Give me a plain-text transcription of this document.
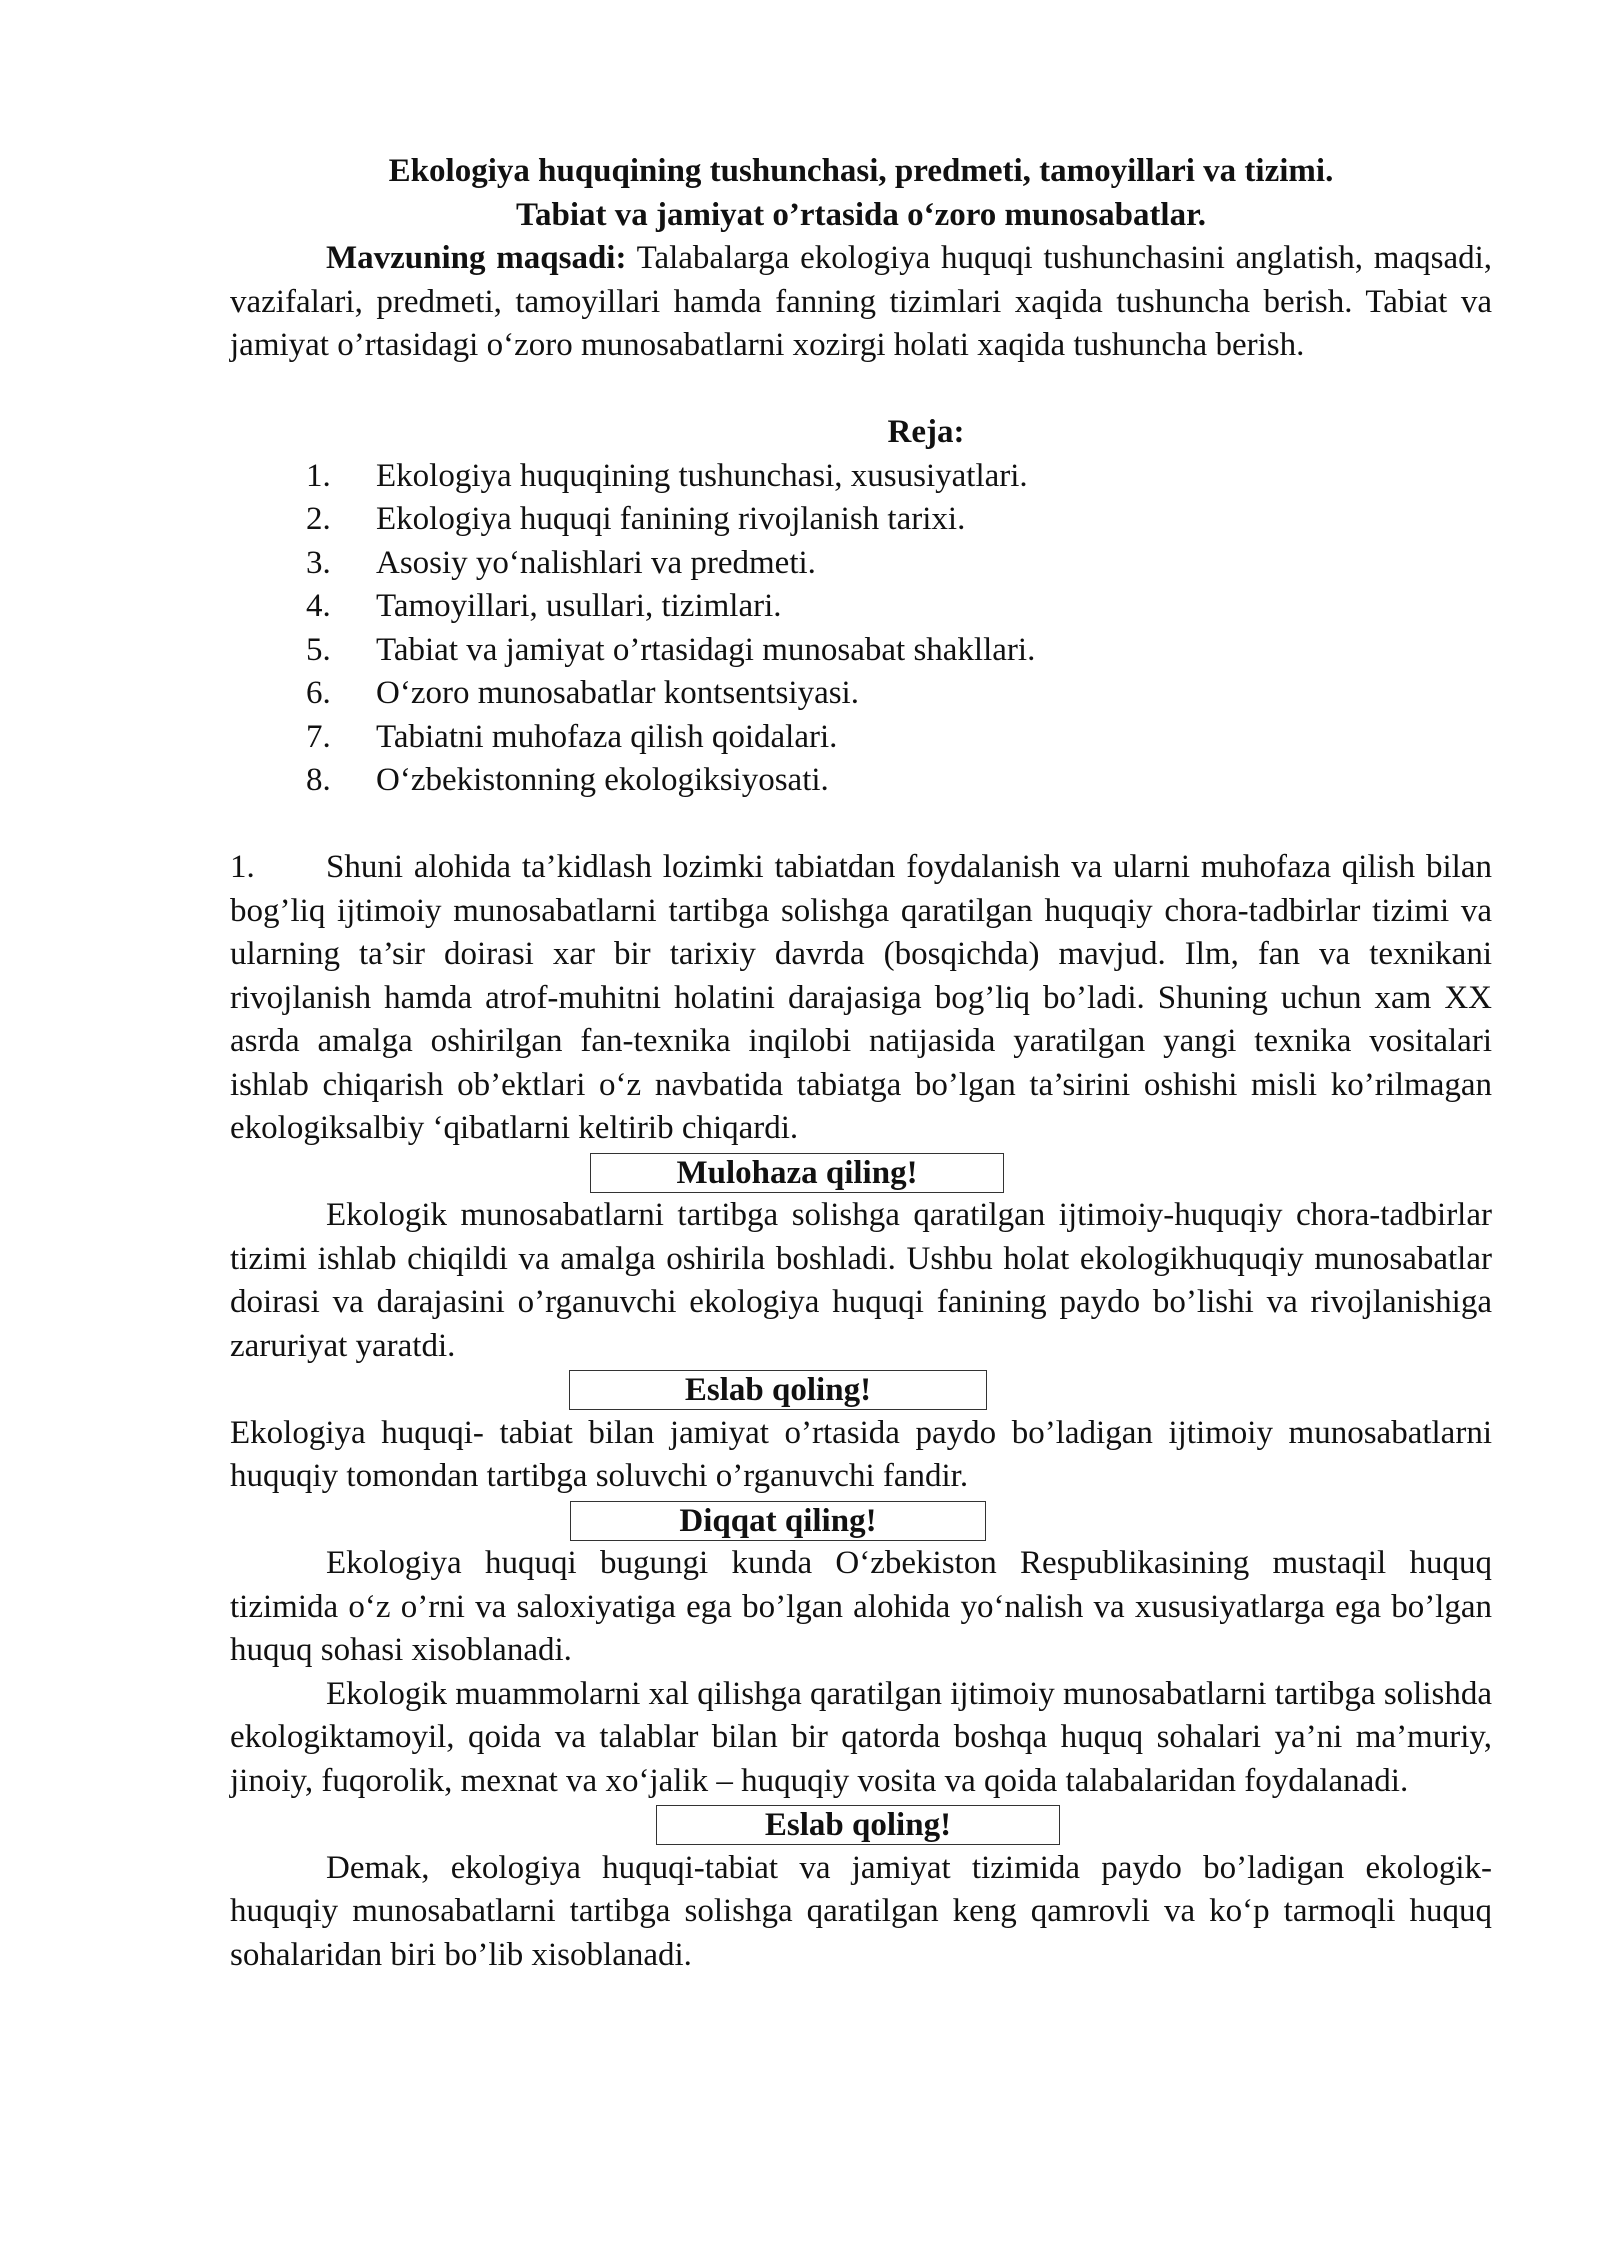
Ekologiya huquqining tushunchasi, predmeti, tamoyillari va tizimi.

Tabiat va jamiyat o’rtasida o‘zoro munosabatlar.

Mavzuning maqsadi: Talabalarga ekologiya huquqi tushunchasini anglatish, maqsadi, vazifalari, predmeti, tamoyillari hamda fanning tizimlari xaqida tushuncha berish. Tabiat va jamiyat o’rtasidagi o‘zoro munosabatlarni xozirgi holati xaqida tushuncha berish.

Reja:

1.	Ekologiya huquqining tushunchasi, xususiyatlari.
2.	Ekologiya huquqi fanining rivojlanish tarixi.
3.	Asosiy yo‘nalishlari va predmeti.
4.	Tamoyillari, usullari, tizimlari.
5.	Tabiat va jamiyat o’rtasidagi munosabat shakllari.
6.	O‘zoro munosabatlar kontsentsiyasi.
7.	Tabiatni muhofaza qilish qoidalari.
8.	O‘zbekistonning ekologiksiyosati.

1. Shuni alohida ta’kidlash lozimki tabiatdan foydalanish va ularni muhofaza qilish bilan bog’liq ijtimoiy munosabatlarni tartibga solishga qaratilgan huquqiy chora-tadbirlar tizimi va ularning ta’sir doirasi xar bir tarixiy davrda (bosqichda) mavjud. Ilm, fan va texnikani rivojlanish hamda atrof-muhitni holatini darajasiga bog’liq bo’ladi. Shuning uchun xam XX asrda amalga oshirilgan fan-texnika inqilobi natijasida yaratilgan yangi texnika vositalari ishlab chiqarish ob’ektlari o‘z navbatida tabiatga bo’lgan ta’sirini oshishi misli ko’rilmagan ekologiksalbiy ‘qibatlarni keltirib chiqardi.

Mulohaza qiling!

Ekologik munosabatlarni tartibga solishga qaratilgan ijtimoiy-huquqiy chora-tadbirlar tizimi ishlab chiqildi va amalga oshirila boshladi. Ushbu holat ekologikhuquqiy munosabatlar doirasi va darajasini o’rganuvchi ekologiya huquqi fanining paydo bo’lishi va rivojlanishiga zaruriyat yaratdi.

Eslab qoling!

Ekologiya huquqi- tabiat bilan jamiyat o’rtasida paydo bo’ladigan ijtimoiy munosabatlarni huquqiy tomondan tartibga soluvchi o’rganuvchi fandir.

Diqqat qiling!

Ekologiya huquqi bugungi kunda O‘zbekiston Respublikasining mustaqil huquq tizimida o‘z o’rni va saloxiyatiga ega bo’lgan alohida yo‘nalish va xususiyatlarga ega bo’lgan huquq sohasi xisoblanadi.

Ekologik muammolarni xal qilishga qaratilgan ijtimoiy munosabatlarni tartibga solishda ekologiktamoyil, qoida va talablar bilan bir qatorda boshqa huquq sohalari ya’ni ma’muriy, jinoiy, fuqorolik, mexnat va xo‘jalik – huquqiy vosita va qoida talabalaridan foydalanadi.

Eslab qoling!

Demak, ekologiya huquqi-tabiat va jamiyat tizimida paydo bo’ladigan ekologik-huquqiy munosabatlarni tartibga solishga qaratilgan keng qamrovli va ko‘p tarmoqli huquq sohalaridan biri bo’lib xisoblanadi.
